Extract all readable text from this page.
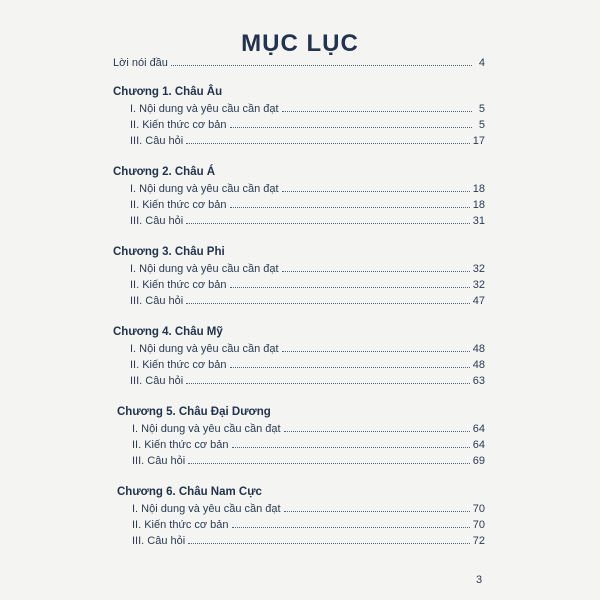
MỤC LỤC
Lời nói đầu	4
Chương 1. Châu Âu
I. Nội dung và yêu cầu cần đạt	5
II. Kiến thức cơ bản	5
III. Câu hỏi	17
Chương 2. Châu Á
I. Nội dung và yêu cầu cần đạt	18
II. Kiến thức cơ bản	18
III. Câu hỏi	31
Chương 3. Châu Phi
I. Nội dung và yêu cầu cần đạt	32
II. Kiến thức cơ bản	32
III. Câu hỏi	47
Chương 4. Châu Mỹ
I. Nội dung và yêu cầu cần đạt	48
II. Kiến thức cơ bản	48
III. Câu hỏi	63
Chương 5. Châu Đại Dương
I. Nội dung và yêu cầu cần đạt	64
II. Kiến thức cơ bản	64
III. Câu hỏi	69
Chương 6. Châu Nam Cực
I. Nội dung và yêu cầu cần đạt	70
II. Kiến thức cơ bản	70
III. Câu hỏi	72
3
